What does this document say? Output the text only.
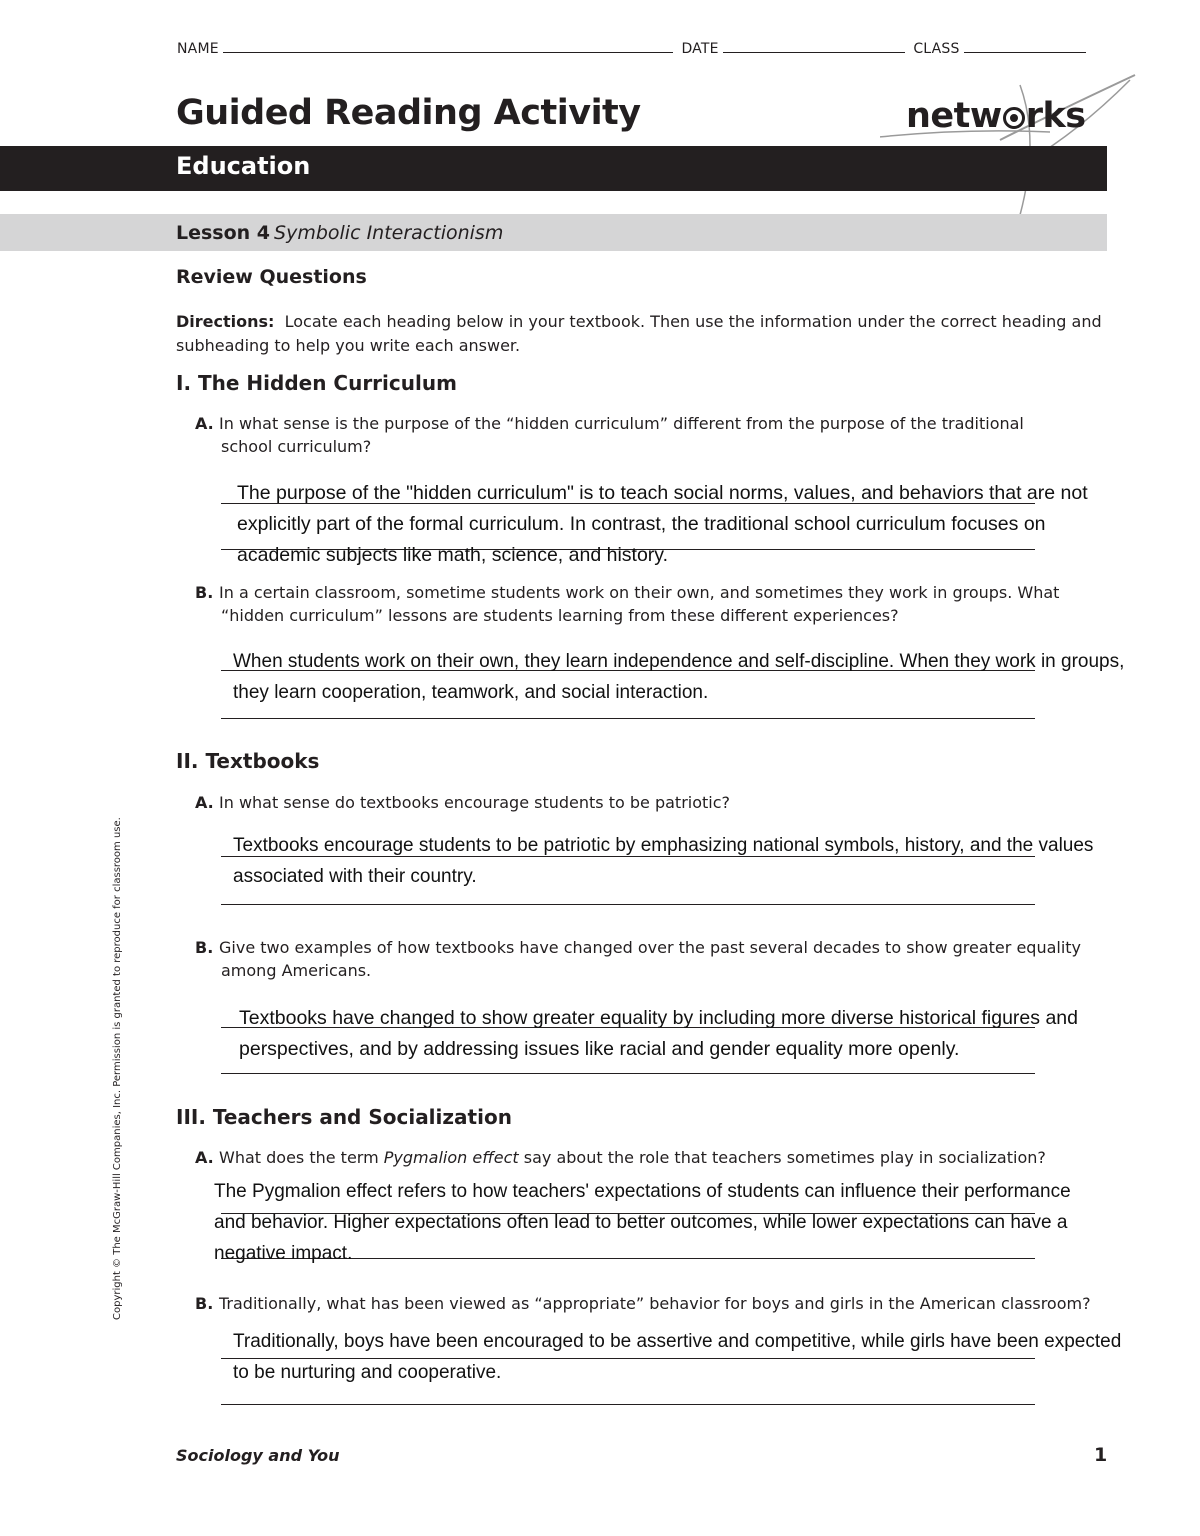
NAME	DATE	CLASS
Guided Reading Activity	netw rks
Education
Lesson 4 Symbolic Interactionism
Review Questions
Directions: Locate each heading below in your textbook. Then use the information under the correct heading and subheading to help you write each answer.
I. The Hidden Curriculum
A. In what sense is the purpose of the “hidden curriculum” different from the purpose of the traditional
school curriculum?
The purpose of the "hidden curriculum" is to teach social norms, values, and behaviors that are not
explicitly part of the formal curriculum. In contrast, the traditional school curriculum focuses on
academic subjects like math, science, and history.
B. In a certain classroom, sometime students work on their own, and sometimes they work in groups. What
“hidden curriculum” lessons are students learning from these different experiences?
When students work on their own, they learn independence and self-discipline. When they work in groups,
they learn cooperation, teamwork, and social interaction.
II. Textbooks
A. In what sense do textbooks encourage students to be patriotic?
Textbooks encourage students to be patriotic by emphasizing national symbols, history, and the values
associated with their country.
B. Give two examples of how textbooks have changed over the past several decades to show greater equality
among Americans.
Textbooks have changed to show greater equality by including more diverse historical figures and
perspectives, and by addressing issues like racial and gender equality more openly.
III. Teachers and Socialization
A. What does the term Pygmalion effect say about the role that teachers sometimes play in socialization?
The Pygmalion effect refers to how teachers' expectations of students can influence their performance
and behavior. Higher expectations often lead to better outcomes, while lower expectations can have a
negative impact.
B. Traditionally, what has been viewed as “appropriate” behavior for boys and girls in the American classroom?
Traditionally, boys have been encouraged to be assertive and competitive, while girls have been expected
to be nurturing and cooperative.
Sociology and You	1
Copyright © The McGraw-Hill Companies, Inc. Permission is granted to reproduce for classroom use.
